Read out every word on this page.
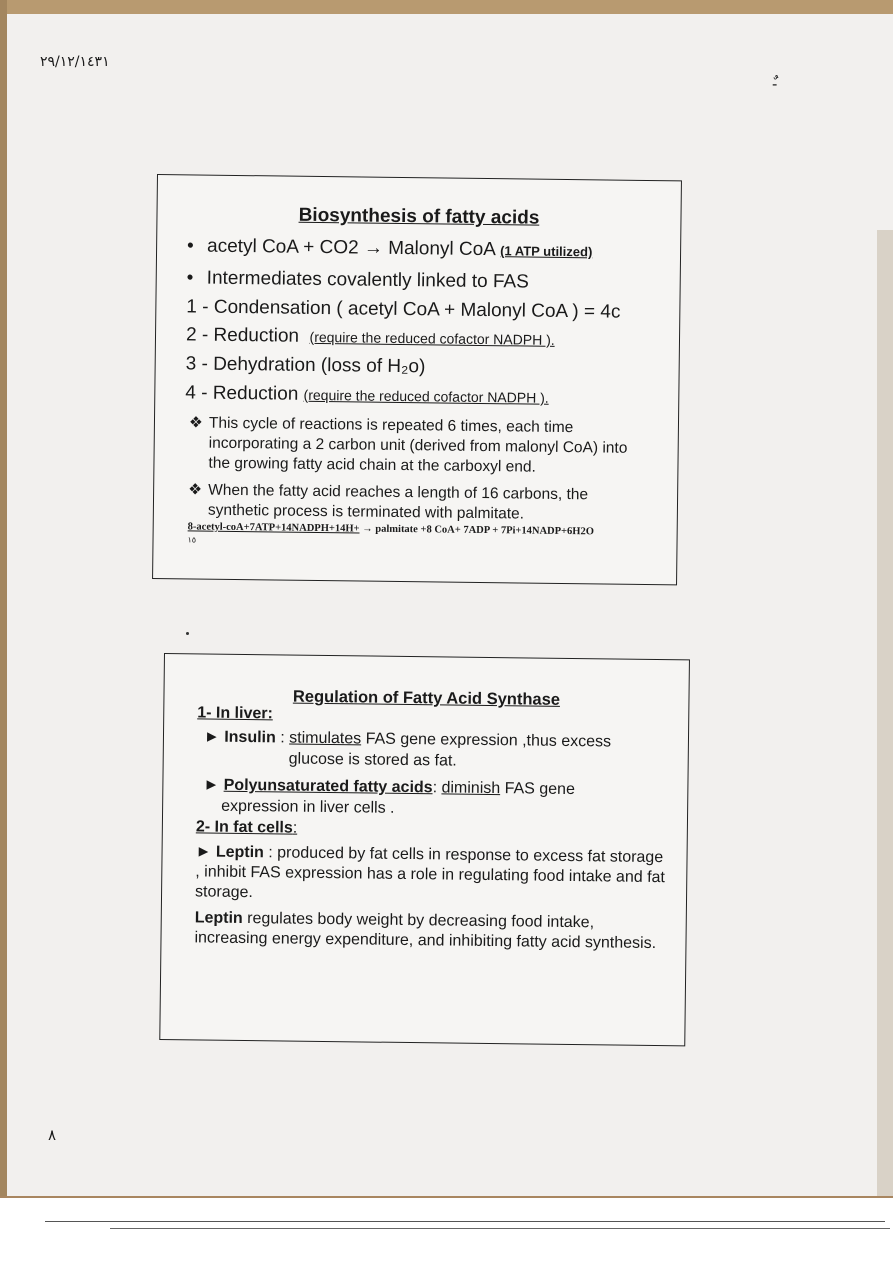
٢٩/١٢/١٤٣١
ٌ-
٨
Biosynthesis of fatty acids
• acetyl CoA + CO2 → Malonyl CoA (1 ATP utilized)
• Intermediates covalently linked to FAS
1 - Condensation ( acetyl CoA + Malonyl CoA ) = 4c
2 - Reduction (require the reduced cofactor NADPH ).
3 - Dehydration (loss of H₂o)
4 - Reduction (require the reduced cofactor NADPH ).
❖ This cycle of reactions is repeated 6 times, each time incorporating a 2 carbon unit (derived from malonyl CoA) into the growing fatty acid chain at the carboxyl end.
❖ When the fatty acid reaches a length of 16 carbons, the synthetic process is terminated with palmitate.
8-acetyl-coA+7ATP+14NADPH+14H+ → palmitate +8 CoA+ 7ADP + 7Pi+14NADP+6H2O
١٥
Regulation of Fatty Acid Synthase
1- In liver:
► Insulin : stimulates FAS gene expression ,thus excess
glucose is stored as fat.
► Polyunsaturated fatty acids: diminish FAS gene
expression in liver cells .
2- In fat cells:
► Leptin : produced by fat cells in response to excess fat storage , inhibit FAS expression has a role in regulating food intake and fat storage.
Leptin regulates body weight by decreasing food intake, increasing energy expenditure, and inhibiting fatty acid synthesis.
